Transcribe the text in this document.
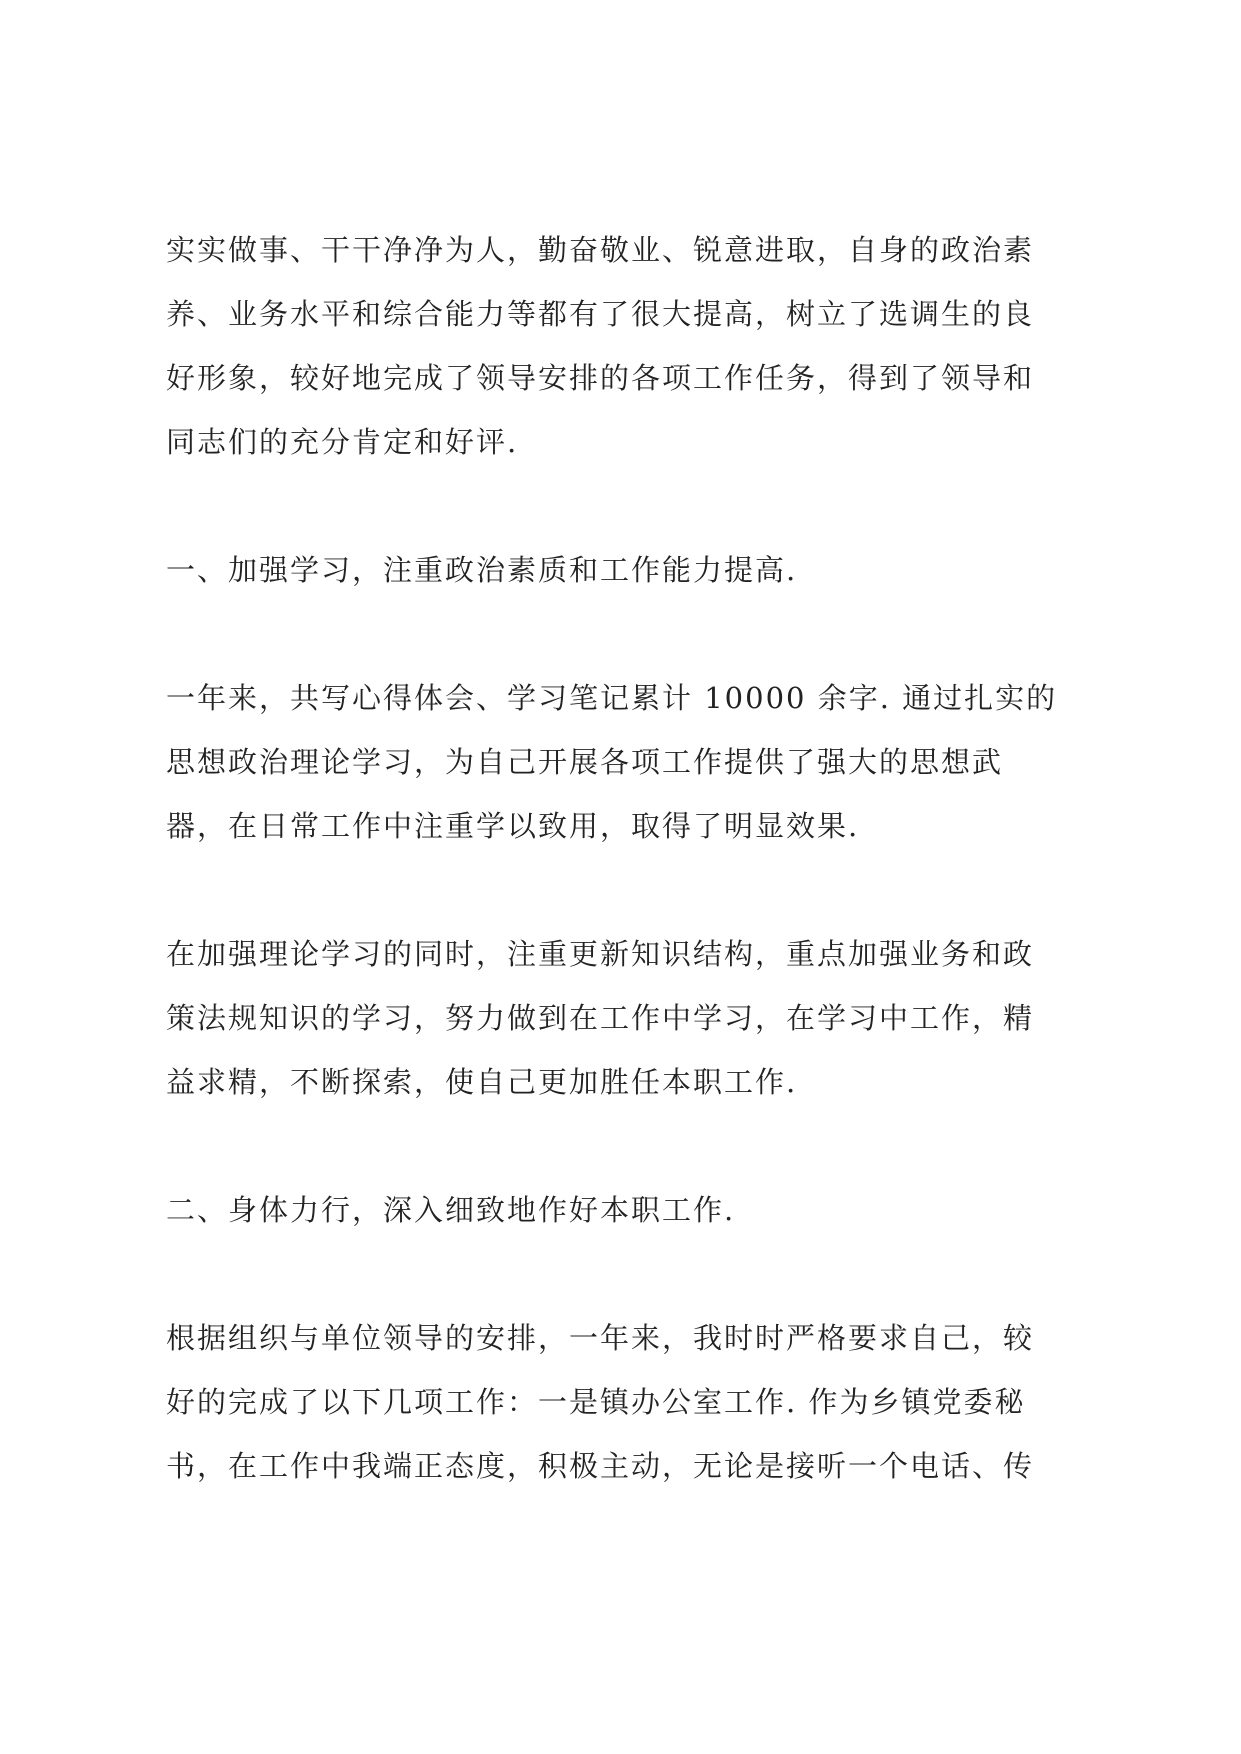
实实做事、干干净净为人，勤奋敬业、锐意进取，自身的政治素
养、业务水平和综合能力等都有了很大提高，树立了选调生的良
好形象，较好地完成了领导安排的各项工作任务，得到了领导和
同志们的充分肯定和好评.
一、加强学习，注重政治素质和工作能力提高.
一年来，共写心得体会、学习笔记累计 10000 余字. 通过扎实的
思想政治理论学习，为自己开展各项工作提供了强大的思想武
器，在日常工作中注重学以致用，取得了明显效果.
在加强理论学习的同时，注重更新知识结构，重点加强业务和政
策法规知识的学习，努力做到在工作中学习，在学习中工作，精
益求精，不断探索，使自己更加胜任本职工作.
二、身体力行，深入细致地作好本职工作.
根据组织与单位领导的安排，一年来，我时时严格要求自己，较
好的完成了以下几项工作：一是镇办公室工作. 作为乡镇党委秘
书，在工作中我端正态度，积极主动，无论是接听一个电话、传
